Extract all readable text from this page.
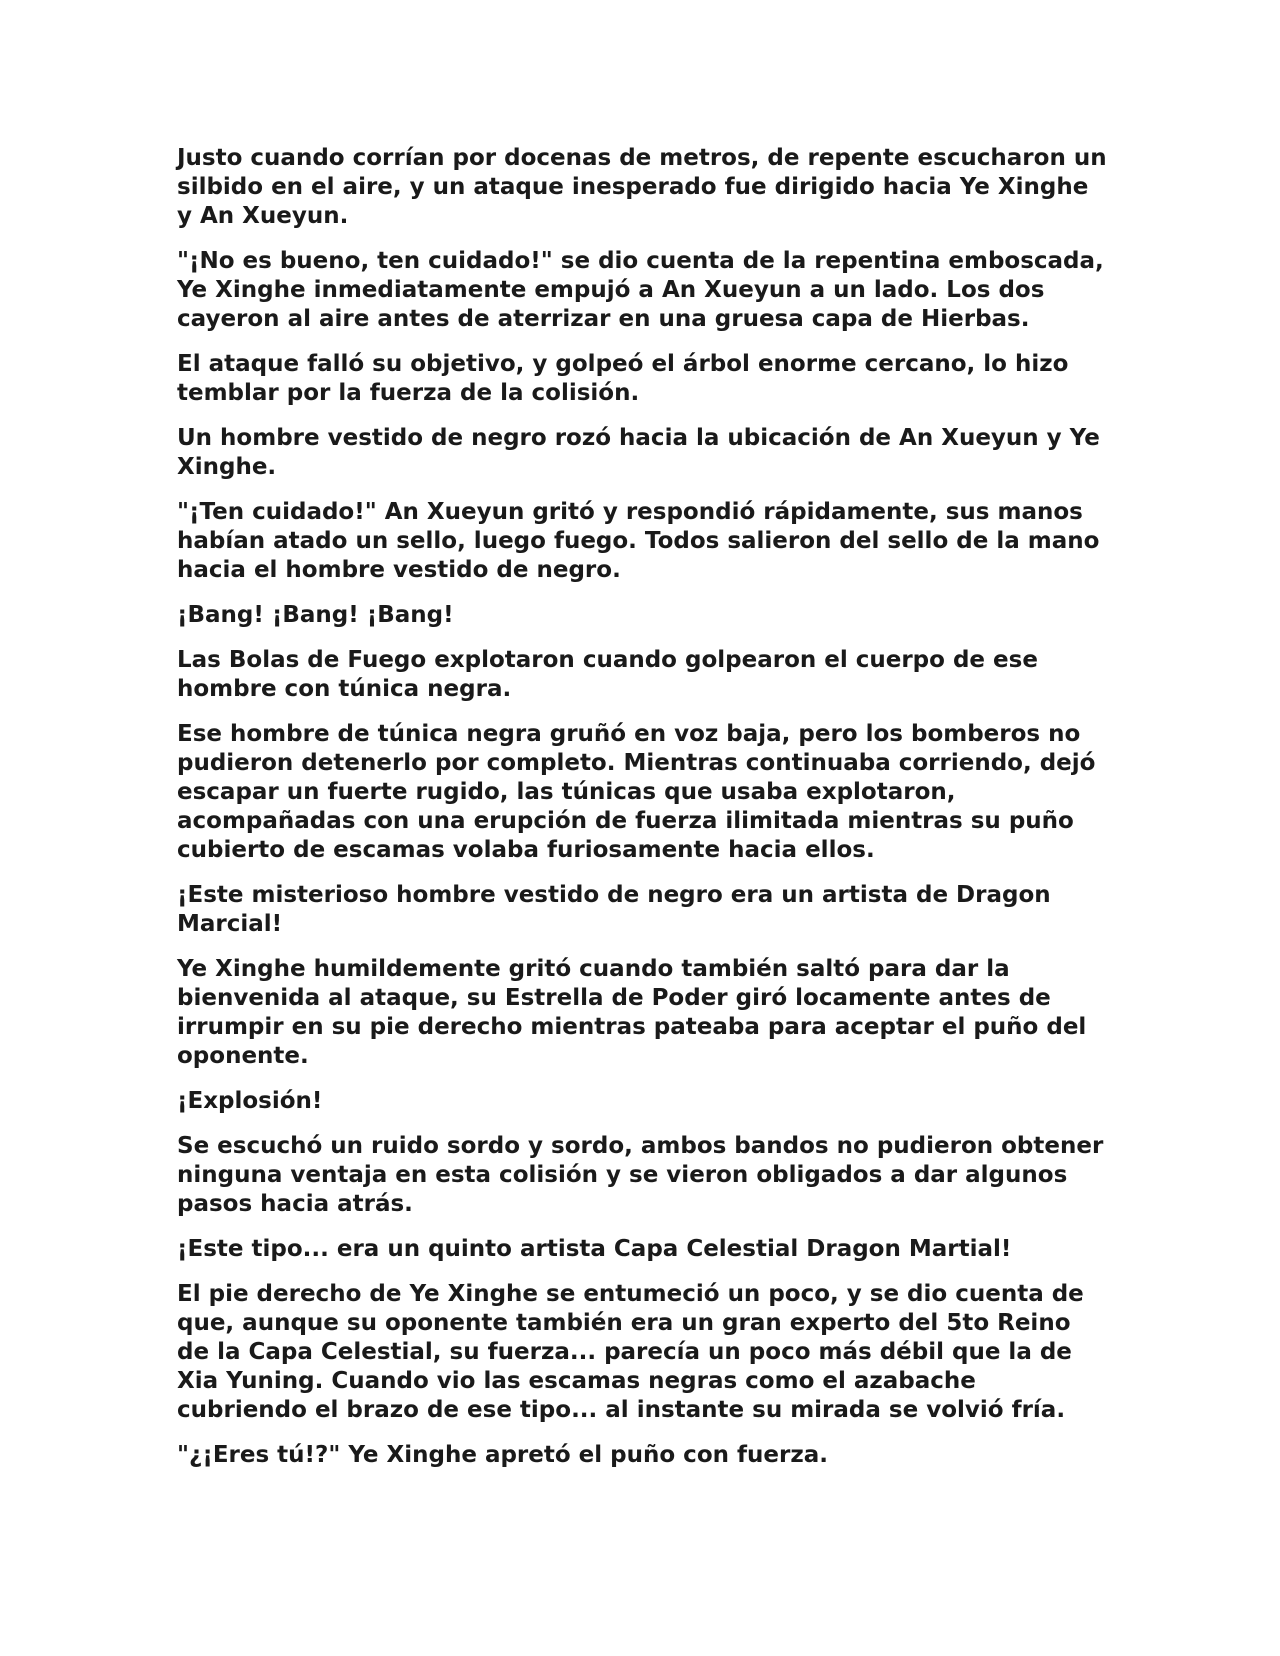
Justo cuando corrían por docenas de metros, de repente escucharon un silbido en el aire, y un ataque inesperado fue dirigido hacia Ye Xinghe y An Xueyun.

"¡No es bueno, ten cuidado!" se dio cuenta de la repentina emboscada, Ye Xinghe inmediatamente empujó a An Xueyun a un lado. Los dos cayeron al aire antes de aterrizar en una gruesa capa de Hierbas.

El ataque falló su objetivo, y golpeó el árbol enorme cercano, lo hizo temblar por la fuerza de la colisión.

Un hombre vestido de negro rozó hacia la ubicación de An Xueyun y Ye Xinghe.

"¡Ten cuidado!" An Xueyun gritó y respondió rápidamente, sus manos habían atado un sello, luego fuego. Todos salieron del sello de la mano hacia el hombre vestido de negro.

¡Bang! ¡Bang! ¡Bang!

Las Bolas de Fuego explotaron cuando golpearon el cuerpo de ese hombre con túnica negra.

Ese hombre de túnica negra gruñó en voz baja, pero los bomberos no pudieron detenerlo por completo. Mientras continuaba corriendo, dejó escapar un fuerte rugido, las túnicas que usaba explotaron, acompañadas con una erupción de fuerza ilimitada mientras su puño cubierto de escamas volaba furiosamente hacia ellos.

¡Este misterioso hombre vestido de negro era un artista de Dragon Marcial!

Ye Xinghe humildemente gritó cuando también saltó para dar la bienvenida al ataque, su Estrella de Poder giró locamente antes de irrumpir en su pie derecho mientras pateaba para aceptar el puño del oponente.

¡Explosión!

Se escuchó un ruido sordo y sordo, ambos bandos no pudieron obtener ninguna ventaja en esta colisión y se vieron obligados a dar algunos pasos hacia atrás.

¡Este tipo... era un quinto artista Capa Celestial Dragon Martial!

El pie derecho de Ye Xinghe se entumeció un poco, y se dio cuenta de que, aunque su oponente también era un gran experto del 5to Reino de la Capa Celestial, su fuerza... parecía un poco más débil que la de Xia Yuning. Cuando vio las escamas negras como el azabache cubriendo el brazo de ese tipo... al instante su mirada se volvió fría.

"¿¡Eres tú!?" Ye Xinghe apretó el puño con fuerza.
